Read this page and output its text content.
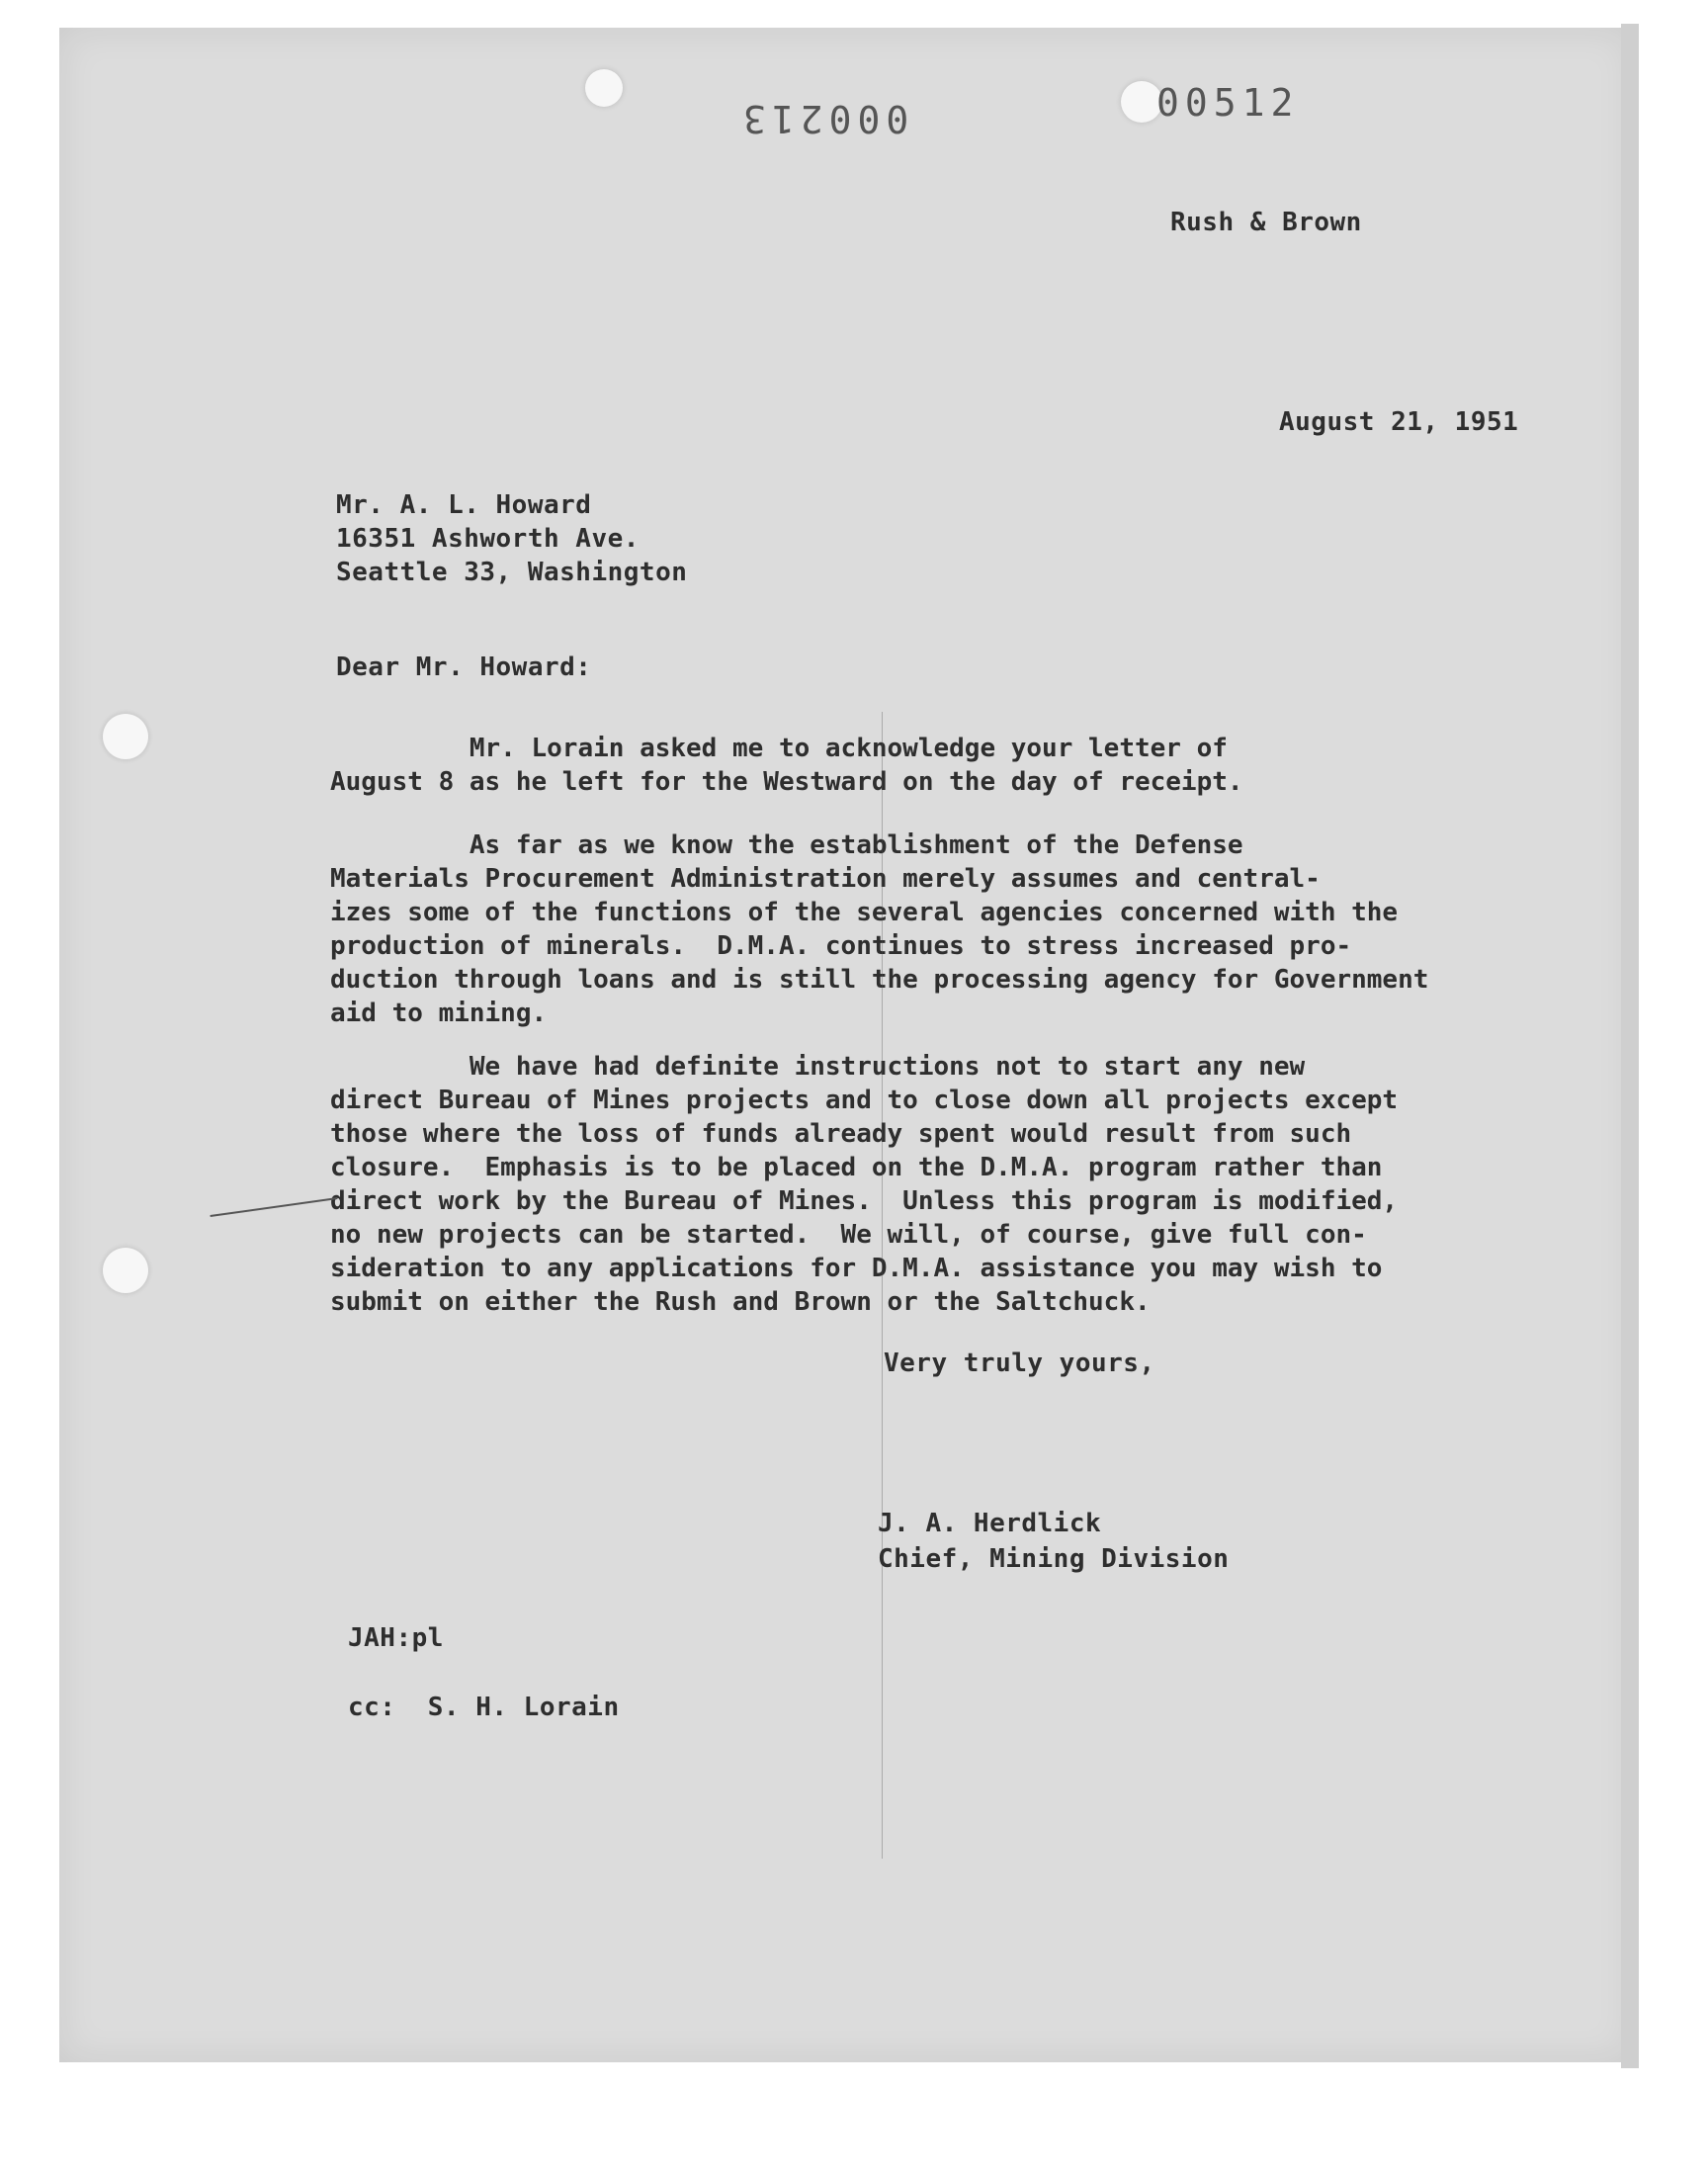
000213	00512
Rush & Brown
August 21, 1951
Mr. A. L. Howard
16351 Ashworth Ave.
Seattle 33, Washington
Dear Mr. Howard:
Mr. Lorain asked me to acknowledge your letter of
August 8 as he left for the Westward on the day of receipt.
As far as we know the establishment of the Defense
Materials Procurement Administration merely assumes and central-
izes some of the functions of the several agencies concerned with the
production of minerals.  D.M.A. continues to stress increased pro-
duction through loans and is still the processing agency for Government
aid to mining.
We have had definite instructions not to start any new
direct Bureau of Mines projects and to close down all projects except
those where the loss of funds already spent would result from such
closure.  Emphasis is to be placed on the D.M.A. program rather than
direct work by the Bureau of Mines.  Unless this program is modified,
no new projects can be started.  We will, of course, give full con-
sideration to any applications for D.M.A. assistance you may wish to
submit on either the Rush and Brown or the Saltchuck.
Very truly yours,
J. A. Herdlick
Chief, Mining Division
JAH:pl
cc:  S. H. Lorain
